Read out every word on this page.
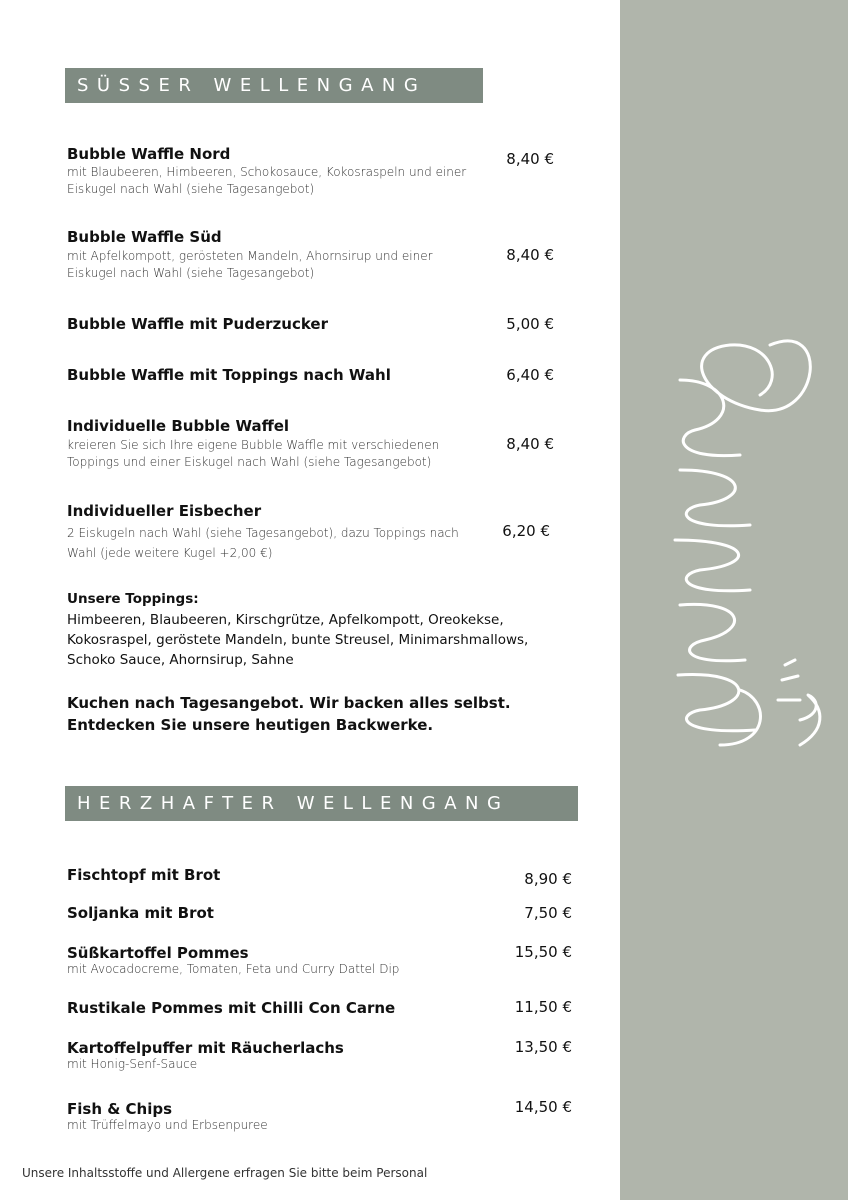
SÜSSER WELLENGANG
Bubble Waffle Nord
mit Blaubeeren, Himbeeren, Schokosauce, Kokosraspeln und einer Eiskugel nach Wahl (siehe Tagesangebot)
8,40 €
Bubble Waffle Süd
mit Apfelkompott, gerösteten Mandeln, Ahornsirup und einer Eiskugel nach Wahl (siehe Tagesangebot)
8,40 €
Bubble Waffle mit Puderzucker	5,00 €
Bubble Waffle mit Toppings nach Wahl	6,40 €
Individuelle Bubble Waffel
kreieren Sie sich Ihre eigene Bubble Waffle mit verschiedenen Toppings und einer Eiskugel nach Wahl (siehe Tagesangebot)
8,40 €
Individueller Eisbecher
2 Eiskugeln nach Wahl (siehe Tagesangebot), dazu Toppings nach Wahl (jede weitere Kugel +2,00 €)
6,20 €
Unsere Toppings:
Himbeeren, Blaubeeren, Kirschgrütze, Apfelkompott, Oreokekse, Kokosraspel, geröstete Mandeln, bunte Streusel, Minimarshmallows, Schoko Sauce, Ahornsirup, Sahne
Kuchen nach Tagesangebot. Wir backen alles selbst. Entdecken Sie unsere heutigen Backwerke.
HERZHAFTER WELLENGANG
Fischtopf mit Brot	8,90 €
Soljanka mit Brot	7,50 €
Süßkartoffel Pommes
mit Avocadocreme, Tomaten, Feta und Curry Dattel Dip
15,50 €
Rustikale Pommes mit Chilli Con Carne	11,50 €
Kartoffelpuffer mit Räucherlachs
mit Honig-Senf-Sauce
13,50 €
Fish & Chips
mit Trüffelmayo und Erbsenpuree
14,50 €
Unsere Inhaltsstoffe und Allergene erfragen Sie bitte beim Personal
